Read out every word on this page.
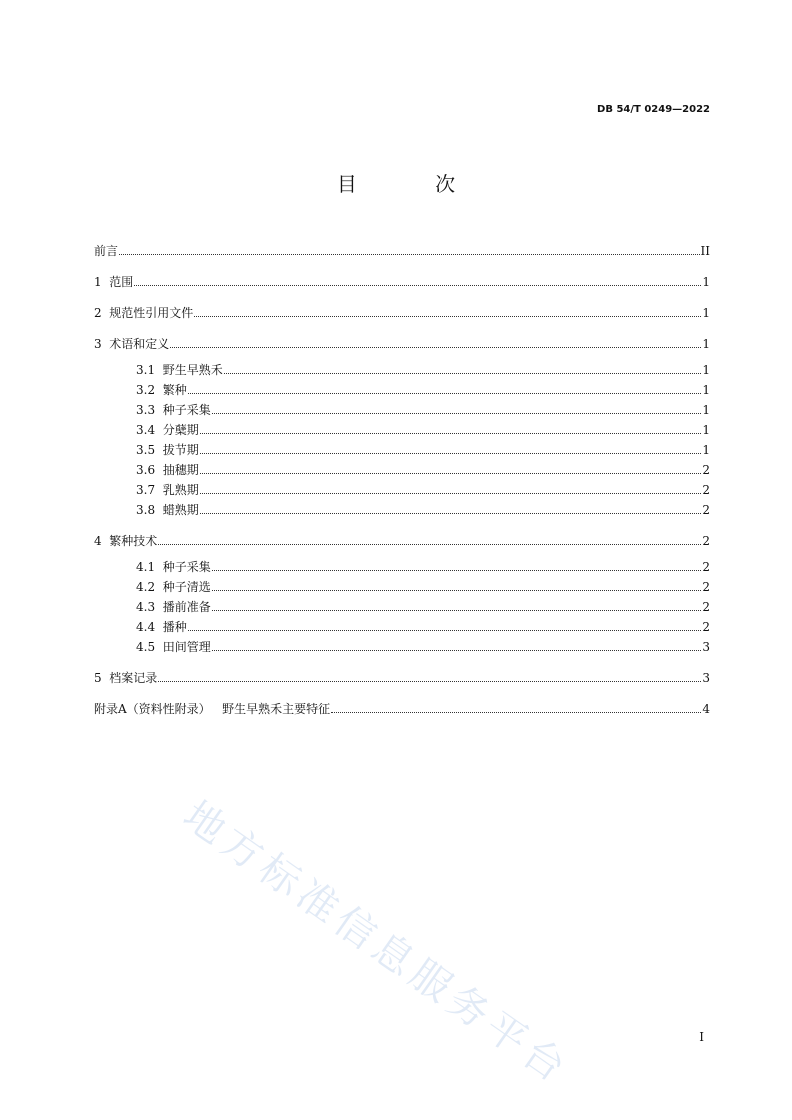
DB 54/T 0249—2022
目 次
前言	II
1 范围	1
2 规范性引用文件	1
3 术语和定义	1
3.1 野生早熟禾	1
3.2 繁种	1
3.3 种子采集	1
3.4 分蘖期	1
3.5 拔节期	1
3.6 抽穗期	2
3.7 乳熟期	2
3.8 蜡熟期	2
4 繁种技术	2
4.1 种子采集	2
4.2 种子清选	2
4.3 播前准备	2
4.4 播种	2
4.5 田间管理	3
5 档案记录	3
附录A（资料性附录）   野生早熟禾主要特征	4
地方标准信息服务平台	I
